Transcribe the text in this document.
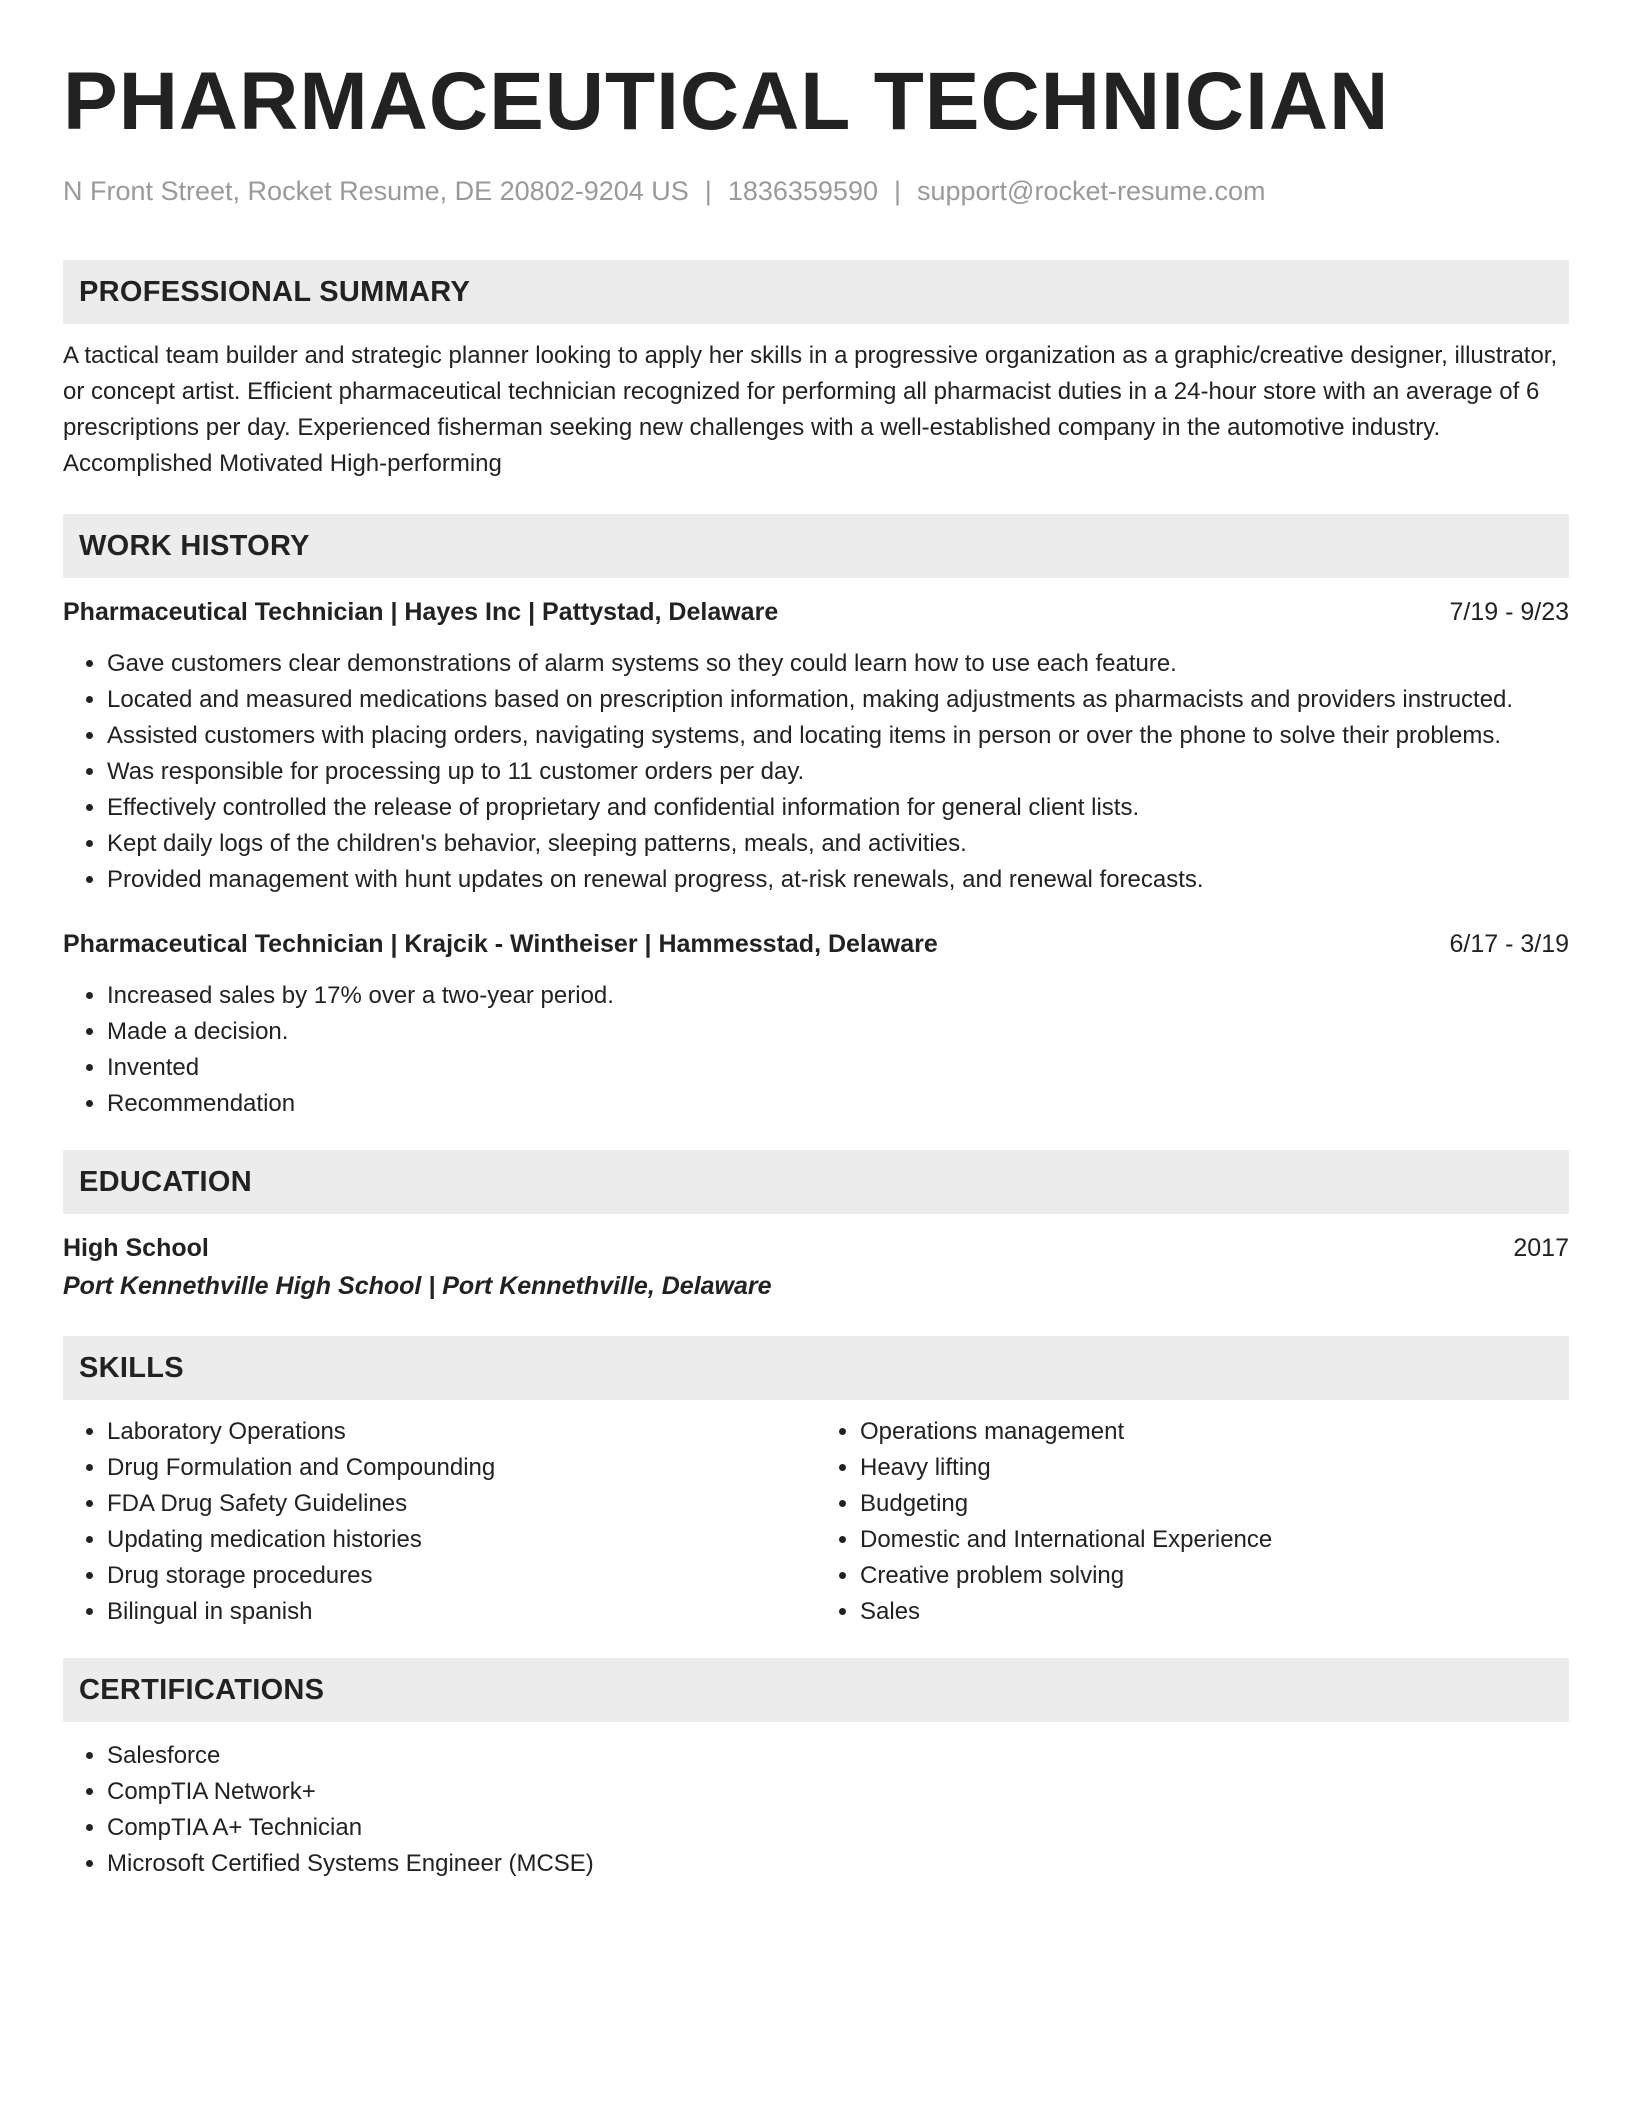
PHARMACEUTICAL TECHNICIAN
N Front Street, Rocket Resume, DE 20802-9204 US | 1836359590 | support@rocket-resume.com
PROFESSIONAL SUMMARY

A tactical team builder and strategic planner looking to apply her skills in a progressive organization as a graphic/creative designer, illustrator, or concept artist. Efficient pharmaceutical technician recognized for performing all pharmacist duties in a 24-hour store with an average of 6 prescriptions per day. Experienced fisherman seeking new challenges with a well-established company in the automotive industry. Accomplished Motivated High-performing

WORK HISTORY
Pharmaceutical Technician | Hayes Inc | Pattystad, Delaware	7/19 - 9/23
• Gave customers clear demonstrations of alarm systems so they could learn how to use each feature.
• Located and measured medications based on prescription information, making adjustments as pharmacists and providers instructed.
• Assisted customers with placing orders, navigating systems, and locating items in person or over the phone to solve their problems.
• Was responsible for processing up to 11 customer orders per day.
• Effectively controlled the release of proprietary and confidential information for general client lists.
• Kept daily logs of the children's behavior, sleeping patterns, meals, and activities.
• Provided management with hunt updates on renewal progress, at-risk renewals, and renewal forecasts.
Pharmaceutical Technician | Krajcik - Wintheiser | Hammesstad, Delaware	6/17 - 3/19
• Increased sales by 17% over a two-year period.
• Made a decision.
• Invented
• Recommendation
EDUCATION
High School	2017
Port Kennethville High School | Port Kennethville, Delaware
SKILLS
• Laboratory Operations
• Drug Formulation and Compounding
• FDA Drug Safety Guidelines
• Updating medication histories
• Drug storage procedures
• Bilingual in spanish
• Operations management
• Heavy lifting
• Budgeting
• Domestic and International Experience
• Creative problem solving
• Sales
CERTIFICATIONS
• Salesforce
• CompTIA Network+
• CompTIA A+ Technician
• Microsoft Certified Systems Engineer (MCSE)
